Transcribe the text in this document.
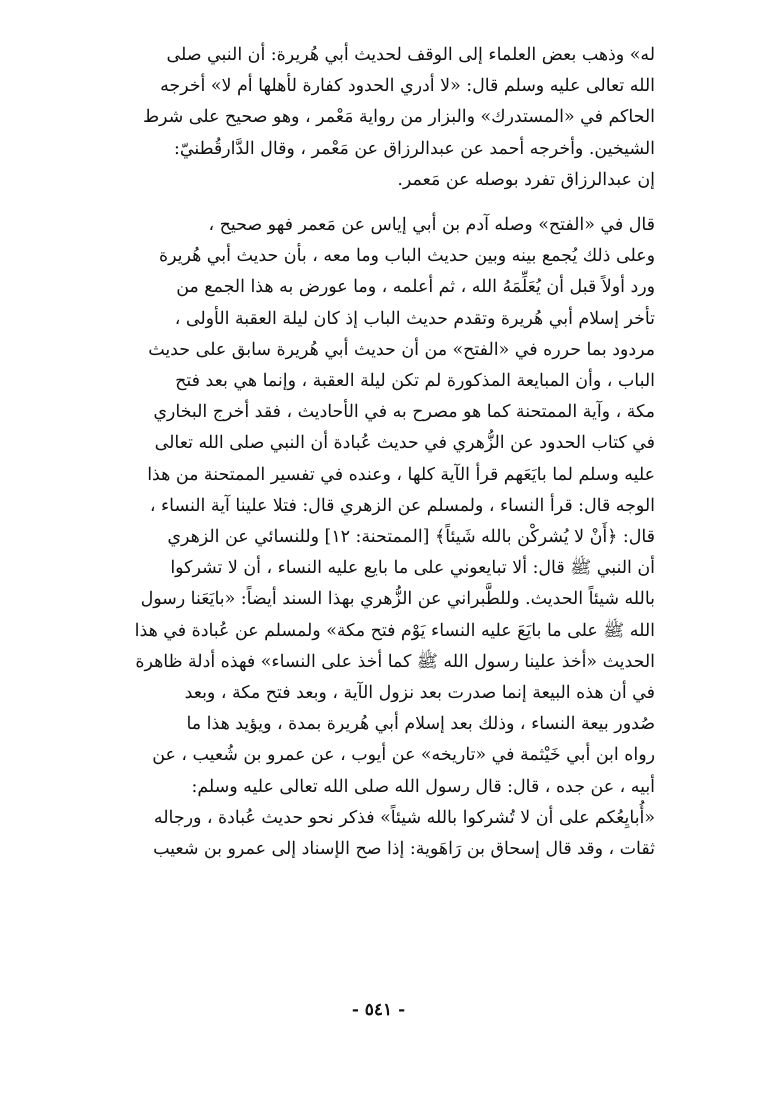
له» وذهب بعض العلماء إلى الوقف لحديث أبي هُريرة: أن النبي صلى
الله تعالى عليه وسلم قال: «لا أدري الحدود كفارة لأهلها أم لا» أخرجه
الحاكم في «المستدرك» والبزار من رواية مَعْمر ، وهو صحيح على شرط
الشيخين. وأخرجه أحمد عن عبدالرزاق عن مَعْمر ، وقال الدَّارقُطنيّ:
إن عبدالرزاق تفرد بوصله عن مَعمر.

قال في «الفتح» وصله آدم بن أبي إياس عن مَعمر فهو صحيح ،
وعلى ذلك يُجمع بينه وبين حديث الباب وما معه ، بأن حديث أبي هُريرة
ورد أولاً قبل أن يُعَلِّمَهُ الله ، ثم أعلمه ، وما عورض به هذا الجمع من
تأخر إسلام أبي هُريرة وتقدم حديث الباب إذ كان ليلة العقبة الأولى ،
مردود بما حرره في «الفتح» من أن حديث أبي هُريرة سابق على حديث
الباب ، وأن المبايعة المذكورة لم تكن ليلة العقبة ، وإنما هي بعد فتح
مكة ، وآية الممتحنة كما هو مصرح به في الأحاديث ، فقد أخرج البخاري
في كتاب الحدود عن الزُّهري في حديث عُبادة أن النبي صلى الله تعالى
عليه وسلم لما بايَعَهم قرأ الآية كلها ، وعنده في تفسير الممتحنة من هذا
الوجه قال: قرأ النساء ، ولمسلم عن الزهري قال: فتلا علينا آية النساء ،
قال: ﴿أَنْ لا يُشركْن بالله شَيئاً﴾ [الممتحنة: ١٢] وللنسائي عن الزهري
أن النبي ﷺ قال: ألا تبايعوني على ما بايع عليه النساء ، أن لا تشركوا
بالله شيئاً الحديث. وللطَّبراني عن الزُّهري بهذا السند أيضاً: «بايَعَنا رسول
الله ﷺ على ما بايَعَ عليه النساء يَوْم فتح مكة» ولمسلم عن عُبادة في هذا
الحديث «أخذ علينا رسول الله ﷺ كما أخذ على النساء» فهذه أدلة ظاهرة
في أن هذه البيعة إنما صدرت بعد نزول الآية ، وبعد فتح مكة ، وبعد
صُدور بيعة النساء ، وذلك بعد إسلام أبي هُريرة بمدة ، ويؤيد هذا ما
رواه ابن أبي خَيْثمة في «تاريخه» عن أيوب ، عن عمرو بن شُعيب ، عن
أبيه ، عن جده ، قال: قال رسول الله صلى الله تعالى عليه وسلم:
«أُبايِعُكم على أن لا تُشركوا بالله شيئاً» فذكر نحو حديث عُبادة ، ورجاله
ثقات ، وقد قال إسحاق بن رَاهَوية: إذا صح الإسناد إلى عمرو بن شعيب

- ٥٤١ -
